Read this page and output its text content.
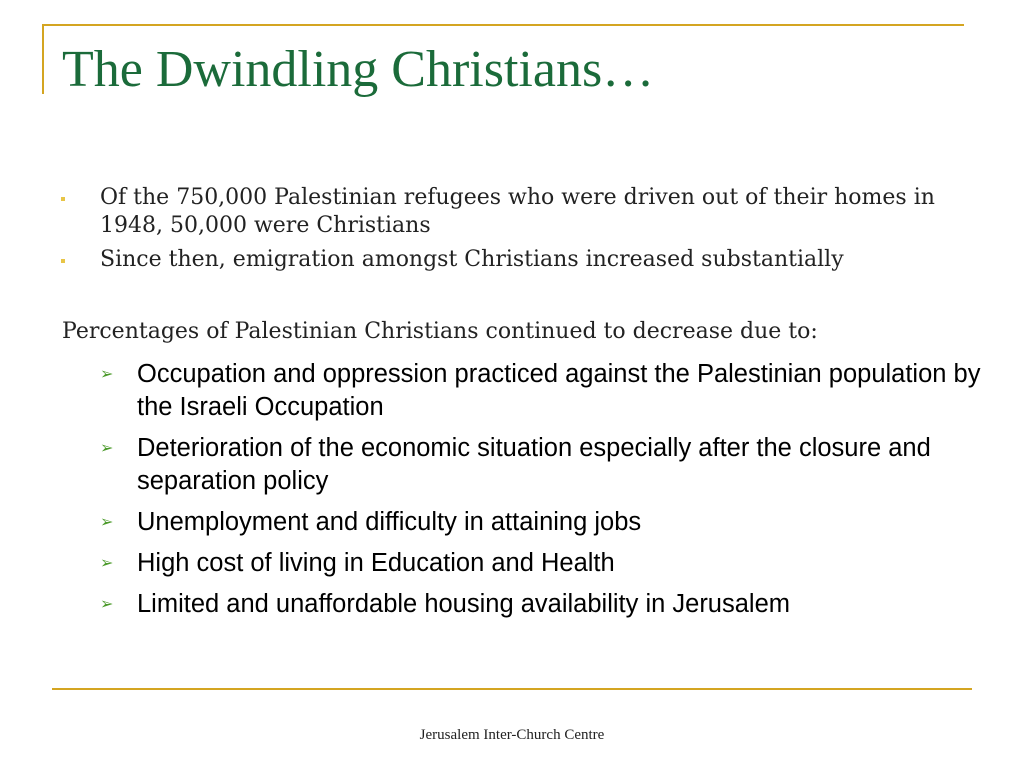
The Dwindling Christians…
Of the 750,000 Palestinian refugees who were driven out of their homes in 1948, 50,000 were Christians
Since then, emigration amongst Christians increased substantially

Percentages of Palestinian Christians continued to decrease due to:

➢ Occupation and oppression practiced against the Palestinian population by the Israeli Occupation
➢ Deterioration of the economic situation especially after the closure and separation policy
➢ Unemployment and difficulty in attaining jobs
➢ High cost of living in Education and Health
➢ Limited and unaffordable housing availability in Jerusalem
Jerusalem Inter-Church Centre
